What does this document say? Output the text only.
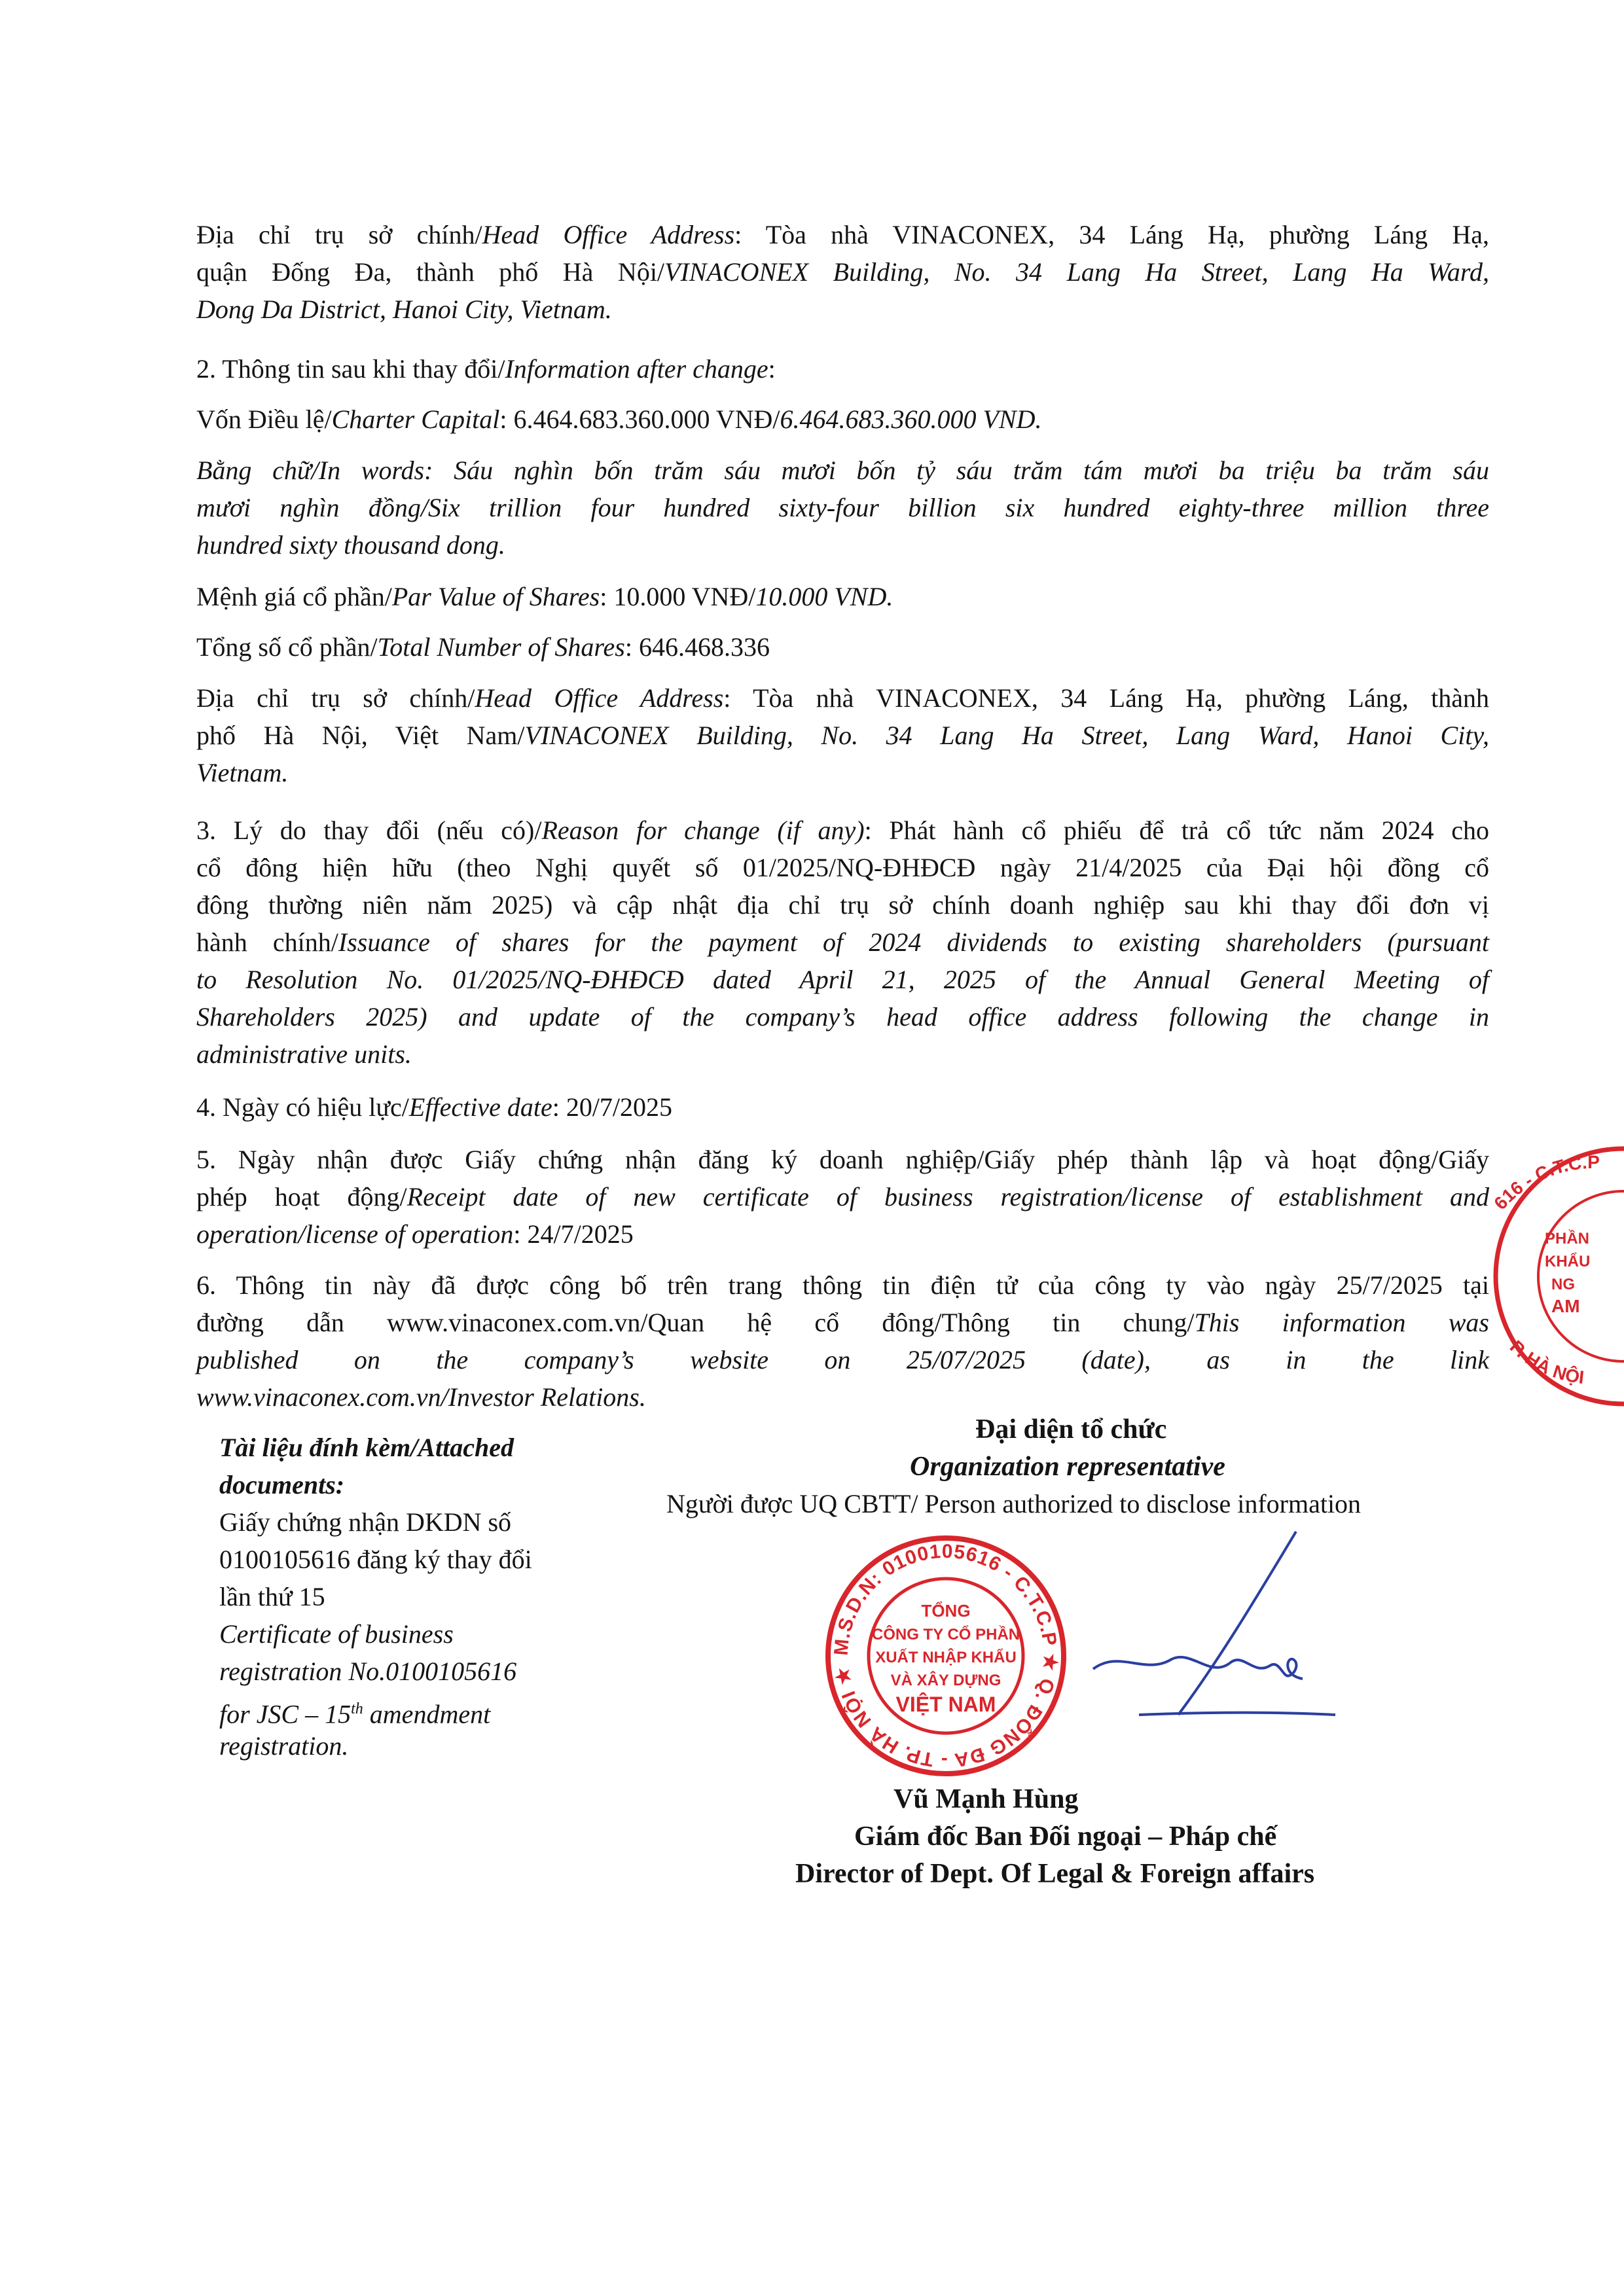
Địa chỉ trụ sở chính/Head Office Address: Tòa nhà VINACONEX, 34 Láng Hạ, phường Láng Hạ,
quận Đống Đa, thành phố Hà Nội/VINACONEX Building, No. 34 Lang Ha Street, Lang Ha Ward,
Dong Da District, Hanoi City, Vietnam.
2. Thông tin sau khi thay đổi/Information after change:
Vốn Điều lệ/Charter Capital: 6.464.683.360.000 VNĐ/6.464.683.360.000 VND.
Bằng chữ/In words: Sáu nghìn bốn trăm sáu mươi bốn tỷ sáu trăm tám mươi ba triệu ba trăm sáu
mươi nghìn đồng/Six trillion four hundred sixty-four billion six hundred eighty-three million three
hundred sixty thousand dong.
Mệnh giá cổ phần/Par Value of Shares: 10.000 VNĐ/10.000 VND.
Tổng số cổ phần/Total Number of Shares: 646.468.336
Địa chỉ trụ sở chính/Head Office Address: Tòa nhà VINACONEX, 34 Láng Hạ, phường Láng, thành
phố Hà Nội, Việt Nam/VINACONEX Building, No. 34 Lang Ha Street, Lang Ward, Hanoi City,
Vietnam.
3. Lý do thay đổi (nếu có)/Reason for change (if any): Phát hành cổ phiếu để trả cổ tức năm 2024 cho
cổ đông hiện hữu (theo Nghị quyết số 01/2025/NQ-ĐHĐCĐ ngày 21/4/2025 của Đại hội đồng cổ
đông thường niên năm 2025) và cập nhật địa chỉ trụ sở chính doanh nghiệp sau khi thay đổi đơn vị
hành chính/Issuance of shares for the payment of 2024 dividends to existing shareholders (pursuant
to Resolution No. 01/2025/NQ-ĐHĐCĐ dated April 21, 2025 of the Annual General Meeting of
Shareholders 2025) and update of the company’s head office address following the change in
administrative units.
4. Ngày có hiệu lực/Effective date: 20/7/2025
5. Ngày nhận được Giấy chứng nhận đăng ký doanh nghiệp/Giấy phép thành lập và hoạt động/Giấy
phép hoạt động/Receipt date of new certificate of business registration/license of establishment and
operation/license of operation: 24/7/2025
6. Thông tin này đã được công bố trên trang thông tin điện tử của công ty vào ngày 25/7/2025 tại
đường dẫn www.vinaconex.com.vn/Quan hệ cổ đông/Thông tin chung/This information was
published on the company’s website on 25/07/2025 (date), as in the link
www.vinaconex.com.vn/Investor Relations.
Tài liệu đính kèm/Attached
documents:
Giấy chứng nhận DKDN số
0100105616 đăng ký thay đổi
lần thứ 15
Certificate of business
registration No.0100105616
for JSC – 15th amendment
registration.
Đại diện tổ chức
Organization representative
Người được UQ CBTT/ Person authorized to disclose information
Vũ Mạnh Hùng
Giám đốc Ban Đối ngoại – Pháp chế
Director of Dept. Of Legal & Foreign affairs
M.S.D.N: 0100105616 - C.T.C.P ★ Q. ĐỐNG ĐA - TP. HÀ NỘI ★
TỔNG
CÔNG TY CỔ PHẦN
XUẤT NHẬP KHẨU
VÀ XÂY DỰNG
VIỆT NAM
616 - C.T.C.P
P. HÀ NỘI
PHẦN
KHẨU
NG
AM
